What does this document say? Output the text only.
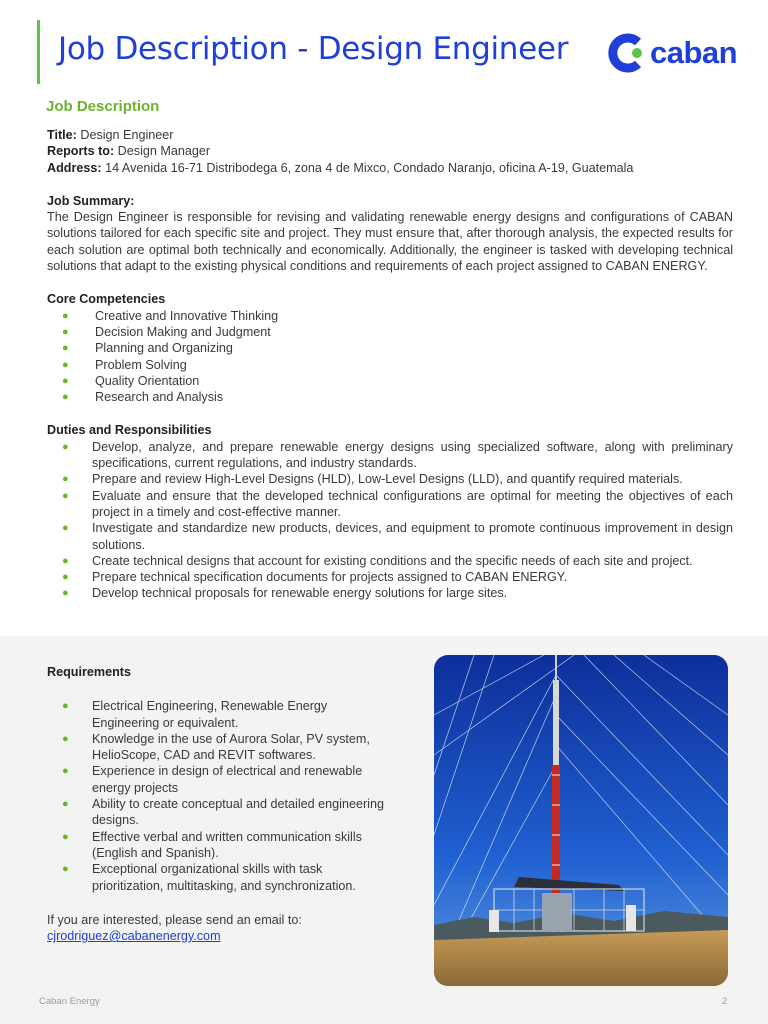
Job Description - Design Engineer	caban
Job Description

Title: Design Engineer

Reports to: Design Manager

Address: 14 Avenida 16-71 Distribodega 6, zona 4 de Mixco, Condado Naranjo, oficina A-19, Guatemala

Job Summary:

The Design Engineer is responsible for revising and validating renewable energy designs and configurations of CABAN solutions tailored for each specific site and project. They must ensure that, after thorough analysis, the expected results for each solution are optimal both technically and economically. Additionally, the engineer is tasked with developing technical solutions that adapt to the existing physical conditions and requirements of each project assigned to CABAN ENERGY.

Core Competencies

● Creative and Innovative Thinking
● Decision Making and Judgment
● Planning and Organizing
● Problem Solving
● Quality Orientation
● Research and Analysis

Duties and Responsibilities

● Develop, analyze, and prepare renewable energy designs using specialized software, along with preliminary specifications, current regulations, and industry standards.
● Prepare and review High-Level Designs (HLD), Low-Level Designs (LLD), and quantify required materials.
● Evaluate and ensure that the developed technical configurations are optimal for meeting the objectives of each project in a timely and cost-effective manner.
● Investigate and standardize new products, devices, and equipment to promote continuous improvement in design solutions.
● Create technical designs that account for existing conditions and the specific needs of each site and project.
● Prepare technical specification documents for projects assigned to CABAN ENERGY.
● Develop technical proposals for renewable energy solutions for large sites.

Requirements

● Electrical Engineering, Renewable Energy Engineering or equivalent.
● Knowledge in the use of Aurora Solar, PV system, HelioScope, CAD and REVIT softwares.
● Experience in design of electrical and renewable energy projects
● Ability to create conceptual and detailed engineering designs.
● Effective verbal and written communication skills (English and Spanish).
● Exceptional organizational skills with task prioritization, multitasking, and synchronization.

If you are interested, please send an email to:

cjrodriguez@cabanenergy.com
Caban Energy	2
